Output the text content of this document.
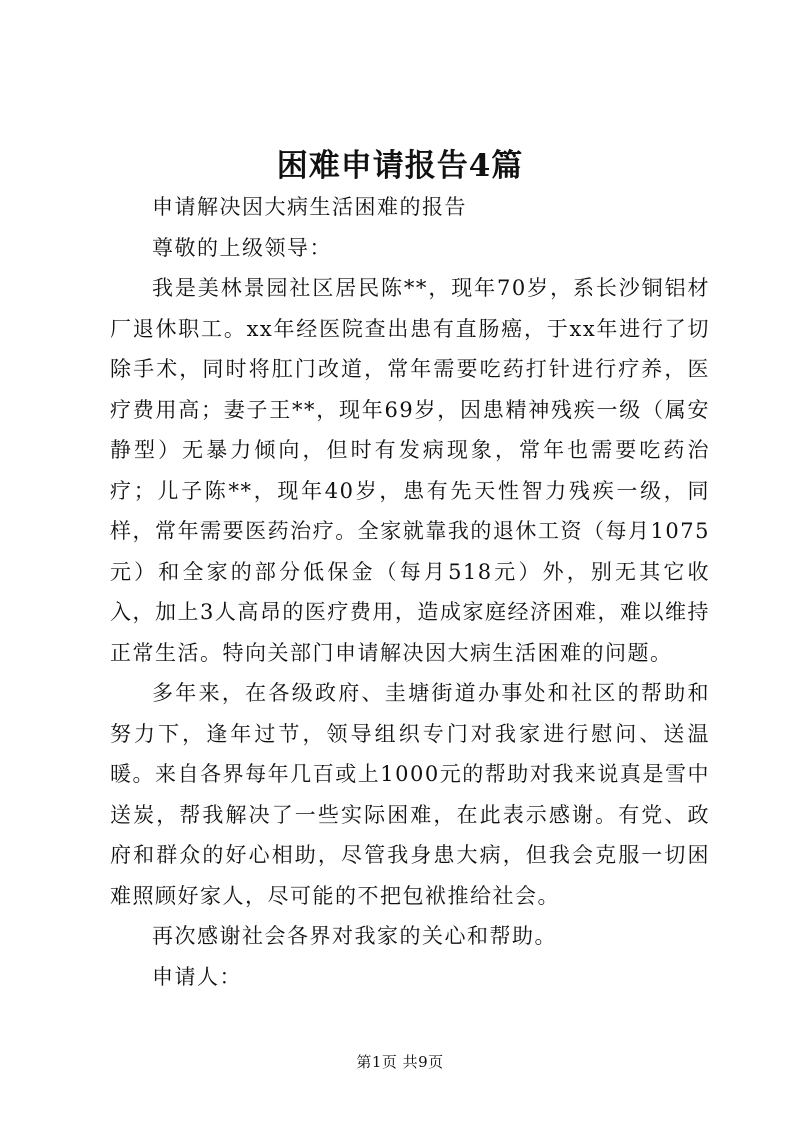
困难申请报告4篇

申请解决因大病生活困难的报告

尊敬的上级领导：

我是美林景园社区居民陈**，现年70岁，系长沙铜铝材厂退休职工。xx年经医院查出患有直肠癌，于xx年进行了切除手术，同时将肛门改道，常年需要吃药打针进行疗养，医疗费用高；妻子王**，现年69岁，因患精神残疾一级（属安静型）无暴力倾向，但时有发病现象，常年也需要吃药治疗；儿子陈**，现年40岁，患有先天性智力残疾一级，同样，常年需要医药治疗。全家就靠我的退休工资（每月1075元）和全家的部分低保金（每月518元）外，别无其它收入，加上3人高昂的医疗费用，造成家庭经济困难，难以维持正常生活。特向关部门申请解决因大病生活困难的问题。

多年来，在各级政府、圭塘街道办事处和社区的帮助和努力下，逢年过节，领导组织专门对我家进行慰问、送温暖。来自各界每年几百或上1000元的帮助对我来说真是雪中送炭，帮我解决了一些实际困难，在此表示感谢。有党、政府和群众的好心相助，尽管我身患大病，但我会克服一切困难照顾好家人，尽可能的不把包袱推给社会。

再次感谢社会各界对我家的关心和帮助。

申请人：

第1页 共9页
